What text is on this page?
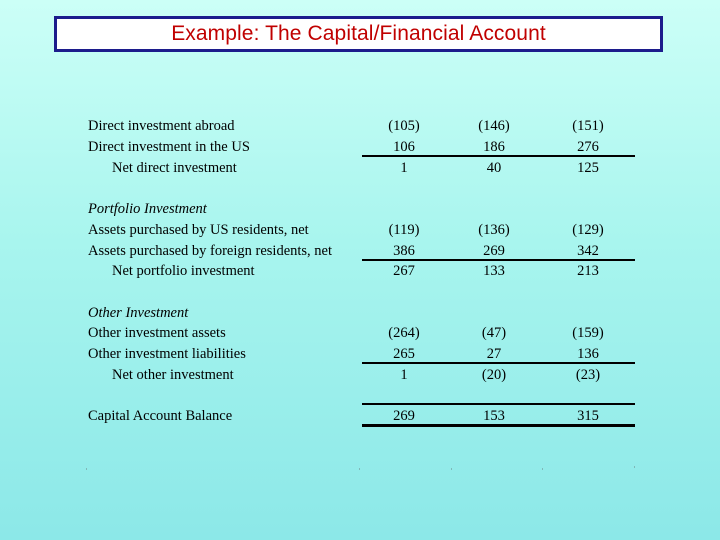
Example: The Capital/Financial Account
Direct investment abroad	(105)	(146)	(151)
Direct investment in the US	106	186	276
Net direct investment	1	40	125
Portfolio Investment
Assets purchased by US residents, net	(119)	(136)	(129)
Assets purchased by foreign residents, net	386	269	342
Net portfolio investment	267	133	213
Other Investment
Other investment assets	(264)	(47)	(159)
Other investment liabilities	265	27	136
Net other investment	1	(20)	(23)
Capital Account Balance	269	153	315
